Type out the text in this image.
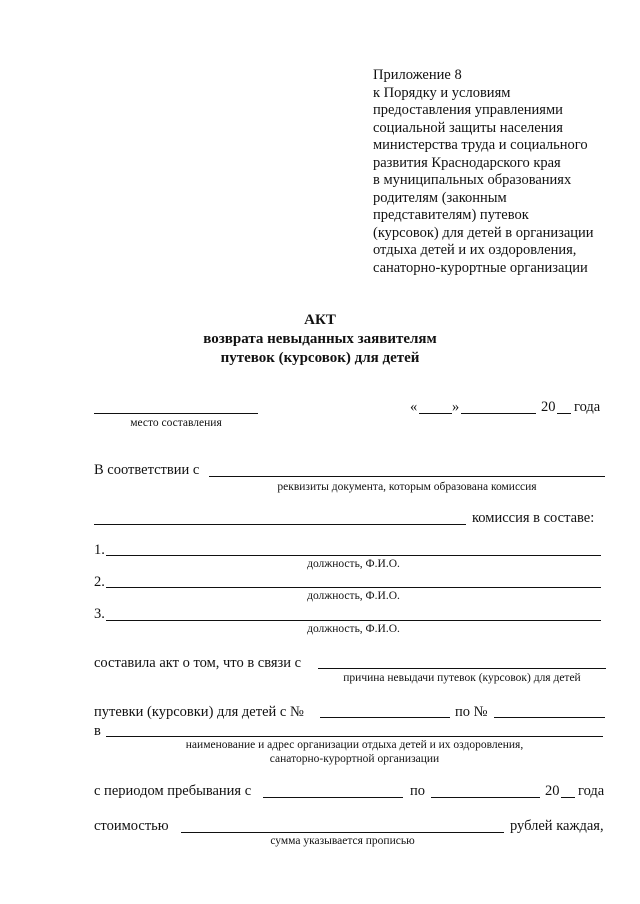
Приложение 8
к Порядку и условиям
предоставления управлениями
социальной защиты населения
министерства труда и социального
развития Краснодарского края
в муниципальных образованиях
родителям (законным
представителям) путевок
(курсовок) для детей в организации
отдыха детей и их оздоровления,
санаторно-курортные организации
АКТ
возврата невыданных заявителям
путевок (курсовок) для детей
место составления
« »	20 года
В соответствии с
реквизиты документа, которым образована комиссия
комиссия в составе:
1.
должность, Ф.И.О.
2.
должность, Ф.И.О.
3.
должность, Ф.И.О.
составила акт о том, что в связи с
причина невыдачи путевок (курсовок) для детей
путевки (курсовки) для детей с №	по №
в
наименование и адрес организации отдыха детей и их оздоровления,
санаторно-курортной организации
с периодом пребывания с	по	20 года
стоимостью	рублей каждая,
сумма указывается прописью
